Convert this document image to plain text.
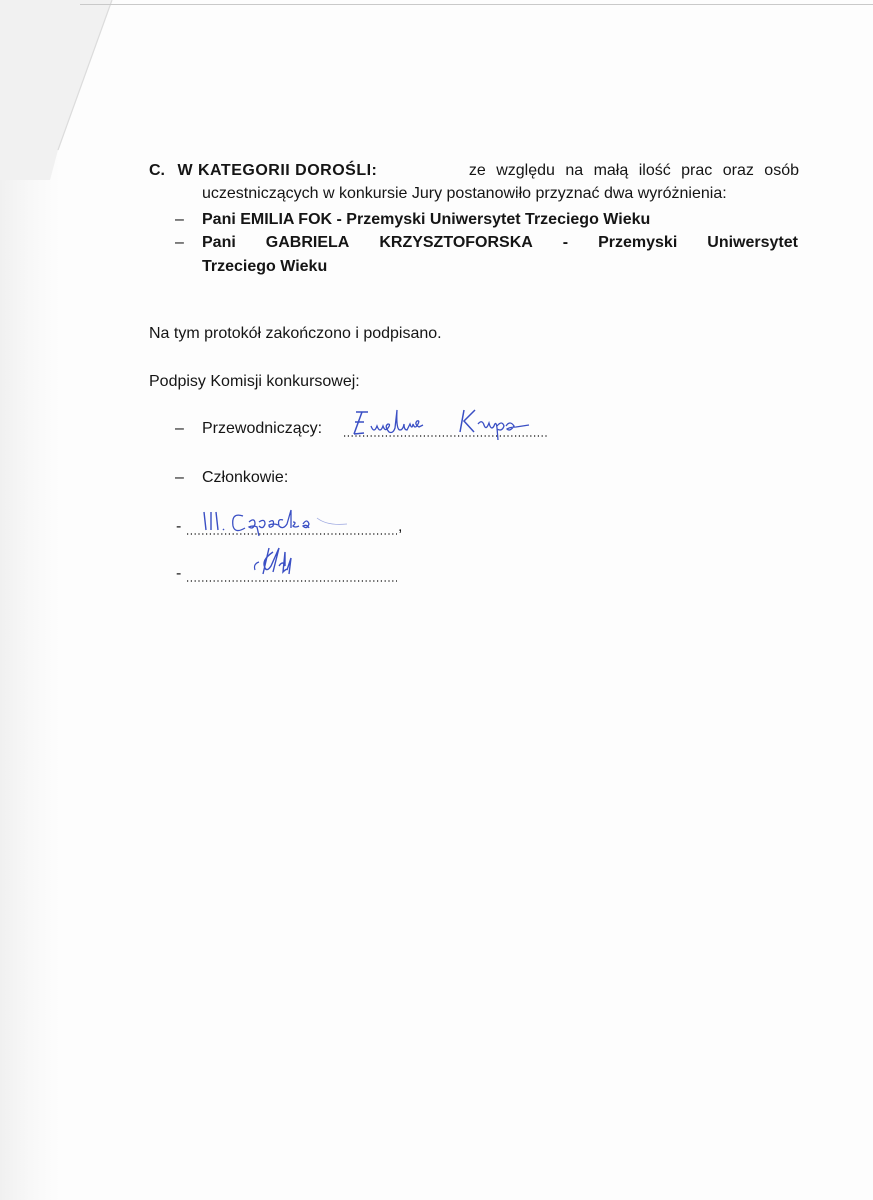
C. W KATEGORII DOROŚLI:	ze względu na małą ilość prac oraz osób
uczestniczących w konkursie Jury postanowiło przyznać dwa wyróżnienia:
– Pani EMILIA FOK - Przemyski Uniwersytet Trzeciego Wieku
– Pani GABRIELA KRZYSZTOFORSKA - Przemyski Uniwersytet
Trzeciego Wieku
Na tym protokół zakończono i podpisano.
Podpisy Komisji konkursowej:
– Przewodniczący:
– Członkowie:
-	,
-
